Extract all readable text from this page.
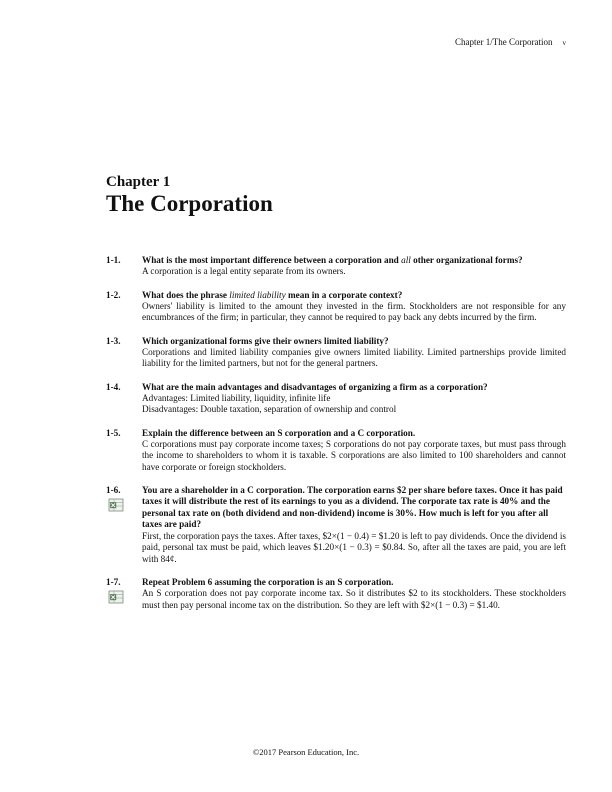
Chapter 1/The Corporation v
Chapter 1
The Corporation
1-1. What is the most important difference between a corporation and all other organizational forms?
A corporation is a legal entity separate from its owners.
1-2. What does the phrase limited liability mean in a corporate context?
Owners' liability is limited to the amount they invested in the firm. Stockholders are not responsible for any encumbrances of the firm; in particular, they cannot be required to pay back any debts incurred by the firm.
1-3. Which organizational forms give their owners limited liability?
Corporations and limited liability companies give owners limited liability. Limited partnerships provide limited liability for the limited partners, but not for the general partners.
1-4. What are the main advantages and disadvantages of organizing a firm as a corporation?
Advantages: Limited liability, liquidity, infinite life
Disadvantages: Double taxation, separation of ownership and control
1-5. Explain the difference between an S corporation and a C corporation.
C corporations must pay corporate income taxes; S corporations do not pay corporate taxes, but must pass through the income to shareholders to whom it is taxable. S corporations are also limited to 100 shareholders and cannot have corporate or foreign stockholders.
1-6. You are a shareholder in a C corporation. The corporation earns $2 per share before taxes. Once it has paid taxes it will distribute the rest of its earnings to you as a dividend. The corporate tax rate is 40% and the personal tax rate on (both dividend and non-dividend) income is 30%. How much is left for you after all taxes are paid?
First, the corporation pays the taxes. After taxes, $2×(1 − 0.4) = $1.20 is left to pay dividends. Once the dividend is paid, personal tax must be paid, which leaves $1.20×(1 − 0.3) = $0.84. So, after all the taxes are paid, you are left with 84¢.
1-7. Repeat Problem 6 assuming the corporation is an S corporation.
An S corporation does not pay corporate income tax. So it distributes $2 to its stockholders. These stockholders must then pay personal income tax on the distribution. So they are left with $2×(1 − 0.3) = $1.40.
©2017 Pearson Education, Inc.
